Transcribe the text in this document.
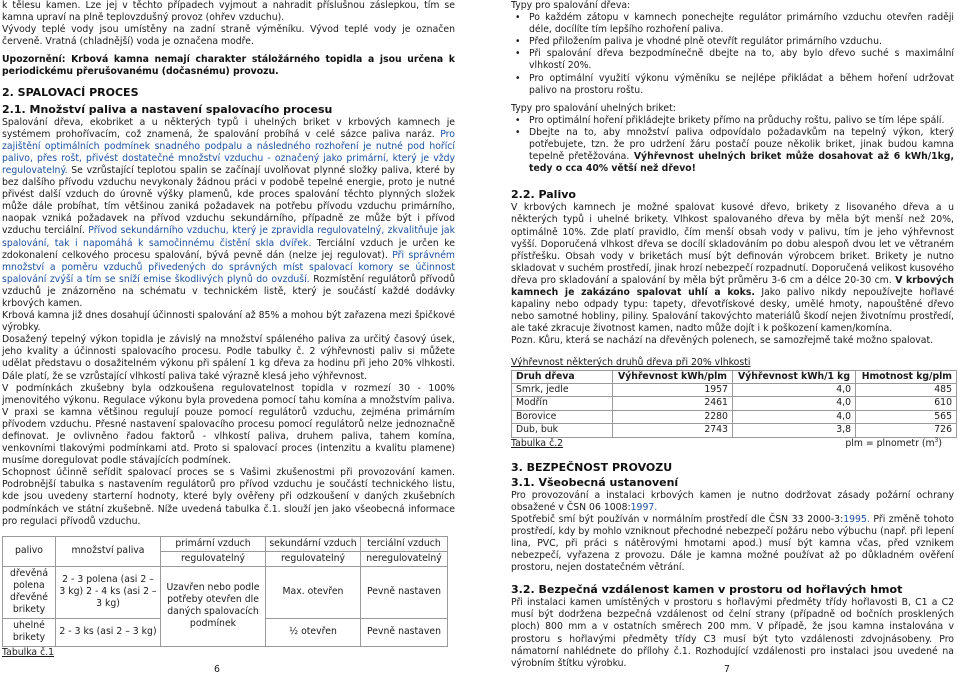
k tělesu kamen. Lze jej v těchto případech vyjmout a nahradit příslušnou záslepkou, tím se kamna upraví na plně teplovzdušný provoz (ohřev vzduchu).

Vývody teplé vody jsou umístěny na zadní straně výměníku. Vývod teplé vody je označen červeně. Vratná (chladnější) voda je označena modře.

Upozornění: Krbová kamna nemají charakter stáložárného topidla a jsou určena k periodickému přerušovanému (dočasnému) provozu.

2. SPALOVACÍ PROCES
2.1. Množství paliva a nastavení spalovacího procesu

Spalování dřeva, ekobriket a u některých typů i uhelných briket v krbových kamnech je systémem prohořívacím, což znamená, že spalování probíhá v celé sázce paliva naráz. Pro zajištění optimálních podmínek snadného podpalu a následného rozhoření je nutné pod hořící palivo, přes rošt, přivést dostatečné množství vzduchu - označený jako primární, který je vždy regulovatelný. Se vzrůstající teplotou spalin se začínají uvolňovat plynné složky paliva, které by bez dalšího přívodu vzduchu nevykonaly žádnou práci v podobě tepelné energie, proto je nutné přivést další vzduch do úrovně výšky plamenů, kde proces spalování těchto plynných složek může dále probíhat, tím většinou zaniká požadavek na potřebu přívodu vzduchu primárního, naopak vzniká požadavek na přívod vzduchu sekundárního, případně ze může být i přívod vzduchu terciální. Přívod sekundárního vzduchu, který je zpravidla regulovatelný, zkvalitňuje jak spalování, tak i napomáhá k samočinnému čistění skla dvířek. Terciální vzduch je určen ke zdokonalení celkového procesu spalování, bývá pevně dán (nelze jej regulovat). Při správném množství a poměru vzduchů přivedených do správných míst spalovací komory se účinnost spalování zvýší a tím se sníží emise škodlivých plynů do ovzduší. Rozmístění regulátorů přívodů vzduchů je znázorněno na schématu v technickém listě, který je součástí každé dodávky krbových kamen.

Krbová kamna již dnes dosahují účinnosti spalování až 85% a mohou být zařazena mezi špičkové výrobky.

Dosažený tepelný výkon topidla je závislý na množství spáleného paliva za určitý časový úsek, jeho kvality a účinnosti spalovacího procesu. Podle tabulky č. 2 výhřevnosti paliv si můžete udělat představu o dosažitelném výkonu při spálení 1 kg dřeva za hodinu při jeho 20% vlhkosti. Dále platí, že se vzrůstající vlhkostí paliva také výrazně klesá jeho výhřevnost.

V podmínkách zkušebny byla odzkoušena regulovatelnost topidla v rozmezí 30 - 100% jmenovitého výkonu. Regulace výkonu byla provedena pomocí tahu komína a množstvím paliva. V praxi se kamna většinou regulují pouze pomocí regulátorů vzduchu, zejména primárním přívodem vzduchu. Přesné nastavení spalovacího procesu pomocí regulátorů nelze jednoznačně definovat. Je ovlivněno řadou faktorů - vlhkostí paliva, druhem paliva, tahem komína, venkovními tlakovými podmínkami atd. Proto si spalovací proces (intenzitu a kvalitu plamene) musíme doregulovat podle stávajících podmínek.

Schopnost účinně seřídit spalovací proces se s Vašimi zkušenostmi při provozování kamen. Podrobnější tabulka s nastavením regulátorů pro přívod vzduchu je součástí technického listu, kde jsou uvedeny starterní hodnoty, které byly ověřeny při odzkoušení v daných zkušebních podmínkách ve státní zkušebně. Níže uvedená tabulka č.1. slouží jen jako všeobecná informace pro regulaci přívodů vzduchu.

palivo	množství paliva	primární vzduch	sekundární vzduch	terciální vzduch
		regulovatelný	regulovatelný	neregulovatelný
dřevěná polena dřevěné brikety	2 - 3 polena (asi 2 – 3 kg) 2 - 4 ks (asi 2 – 3 kg)	Uzavřen nebo podle potřeby otevřen dle daných spalovacích podmínek	Max. otevřen	Pevně nastaven
uhelné brikety	2 - 3 ks (asi 2 – 3 kg)		½ otevřen	Pevně nastaven

Tabulka č.1

6

Typy pro spalování dřeva:

• Po každém zátopu v kamnech ponechejte regulátor primárního vzduchu otevřen raději déle, docílíte tím lepšího rozhoření paliva.
• Před přiložením paliva je vhodné plně otevřít regulátor primárního vzduchu.
• Při spalování dřeva bezpodmínečně dbejte na to, aby bylo dřevo suché s maximální vlhkostí 20%.
• Pro optimální využití výkonu výměníku se nejlépe přikládat a během hoření udržovat palivo na prostoru roštu.

Typy pro spalování uhelných briket:

• Pro optimální hoření přikládejte brikety přímo na průduchy roštu, palivo se tím lépe spálí.
• Dbejte na to, aby množství paliva odpovídalo požadavkům na tepelný výkon, který potřebujete, tzn. že pro udržení žáru postačí pouze několik briket, jinak budou kamna tepelně přetěžována. Výhřevnost uhelných briket může dosahovat až 6 kWh/1kg, tedy o cca 40% větší než dřevo!
2.2. Palivo

V krbových kamnech je možné spalovat kusové dřevo, brikety z lisovaného dřeva a u některých typů i uhelné brikety. Vlhkost spalovaného dřeva by měla být menší než 20%, optimálně 10%. Zde platí pravidlo, čím menší obsah vody v palivu, tím je jeho výhřevnost vyšší. Doporučená vlhkost dřeva se docílí skladováním po dobu alespoň dvou let ve větraném přístřešku. Obsah vody v briketách musí být definován výrobcem briket. Brikety je nutno skladovat v suchém prostředí, jinak hrozí nebezpečí rozpadnutí. Doporučená velikost kusového dřeva pro skladování a spalování by měla být průměru 3-6 cm a délce 20-30 cm. V krbových kamnech je zakázáno spalovat uhlí a koks. Jako palivo nikdy nepoužívejte hořlavé kapaliny nebo odpady typu: tapety, dřevotřískové desky, umělé hmoty, napouštěné dřevo nebo samotné hobliny, piliny. Spalování takovýchto materiálů škodí nejen životnímu prostředí, ale také zkracuje životnost kamen, nadto může dojít i k poškození kamen/komína.

Pozn. Kůru, která se nachází na dřevěných polenech, se samozřejmě také možno spalovat.

Výhřevnost některých druhů dřeva při 20% vlhkosti

Druh dřeva	Výhřevnost kWh/plm	Výhřevnost kWh/1 kg	Hmotnost kg/plm
Smrk, jedle	1957	4,0	485
Modřín	2461	4,0	610
Borovice	2280	4,0	565
Dub, buk	2743	3,8	726
Tabulka č.2	plm = plnometr $(m^3)$
3. BEZPEČNOST PROVOZU
3.1. Všeobecná ustanovení

Pro provozování a instalaci krbových kamen je nutno dodržovat zásady požární ochrany obsažené v ČSN 06 1008:1997.

Spotřebič smí být používán v normálním prostředí dle ČSN 33 2000-3:1995. Při změně tohoto prostředí, kdy by mohlo vzniknout přechodné nebezpečí požáru nebo výbuchu (např. při lepení lina, PVC, při práci s nátěrovými hmotami apod.) musí být kamna včas, před vznikem nebezpečí, vyřazena z provozu. Dále je kamna možné používat až po důkladném ověření prostoru, nejen dostatečném větrání.

3.2. Bezpečná vzdálenost kamen v prostoru od hořlavých hmot

Při instalaci kamen umístěných v prostoru s hořlavými předměty třídy hořlavosti B, C1 a C2 musí být dodržena bezpečná vzdálenost od čelní strany (případně od bočních prosklených ploch) 800 mm a v ostatních směrech 200 mm. V případě, že jsou kamna instalována v prostoru s hořlavými předměty třídy C3 musí být tyto vzdálenosti zdvojnásobeny. Pro námatorní nahlédnete do přílohy č.1. Rozhodující vzdálenosti pro instalaci jsou uvedené na výrobním štítku výrobku.

7
